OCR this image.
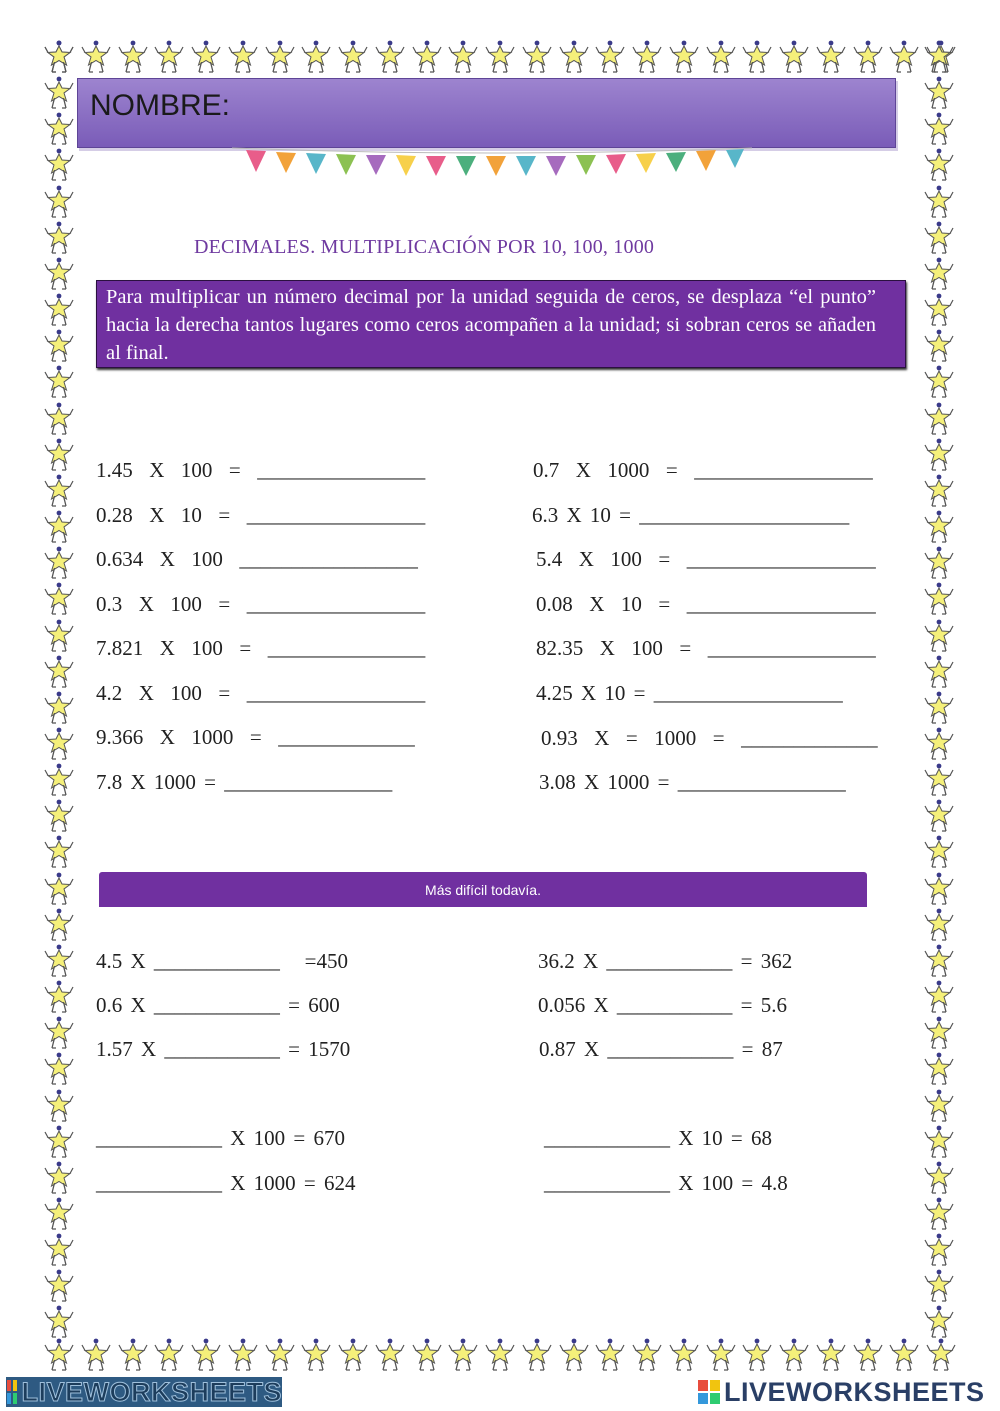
NOMBRE:
DECIMALES. MULTIPLICACIÓN POR 10, 100, 1000
Para multiplicar un número decimal por la unidad seguida de ceros, se desplaza “el punto” hacia la derecha tantos lugares como ceros acompañen a la unidad; si sobran ceros se añaden al final.
1.45  X  100  =  ________________
0.28  X  10  =  _________________
0.634  X  100  _________________
0.3  X  100  =  _________________
7.821  X  100  =  _______________
4.2  X  100  =  _________________
9.366  X  1000  =  _____________
7.8 X 1000 = ________________
0.7  X  1000  =  _________________
6.3 X 10 = ____________________
5.4  X  100  =  __________________
0.08  X  10  =  __________________
82.35  X  100  =  ________________
4.25 X 10 = __________________
0.93  X  =  1000  =  _____________
3.08 X 1000 = ________________
Más difícil todavía.
4.5 X ____________   =450
0.6 X ____________ = 600
1.57 X ___________ = 1570
36.2 X ____________ = 362
0.056 X ___________ = 5.6
0.87 X ____________ = 87
____________ X 100 = 670
____________ X 1000 = 624
____________ X 10 = 68
____________ X 100 = 4.8
LIVEWORKSHEETS	LIVEWORKSHEETS
